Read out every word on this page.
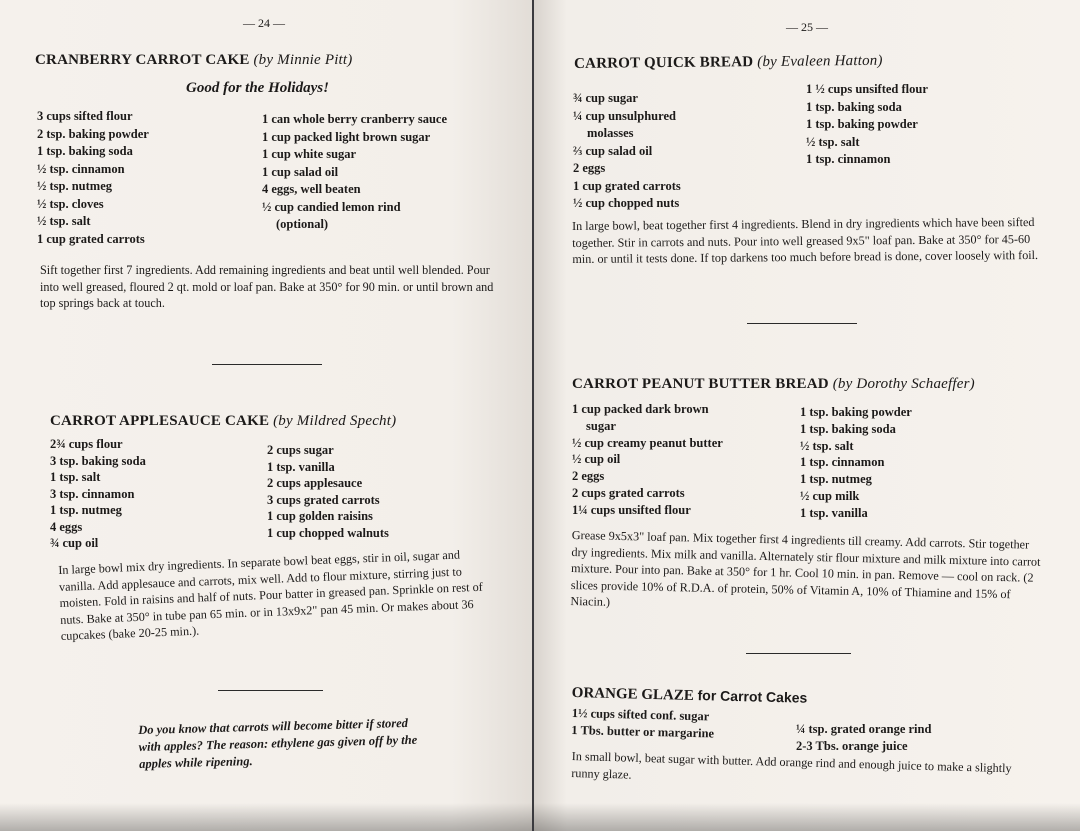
— 24 —
CRANBERRY CARROT CAKE (by Minnie Pitt)
Good for the Holidays!
3 cups sifted flour
2 tsp. baking powder
1 tsp. baking soda
½ tsp. cinnamon
½ tsp. nutmeg
½ tsp. cloves
½ tsp. salt
1 cup grated carrots
1 can whole berry cranberry sauce
1 cup packed light brown sugar
1 cup white sugar
1 cup salad oil
4 eggs, well beaten
½ cup candied lemon rind
(optional)
Sift together first 7 ingredients. Add remaining ingredients and beat until well blended. Pour into well greased, floured 2 qt. mold or loaf pan. Bake at 350° for 90 min. or until brown and top springs back at touch.
CARROT APPLESAUCE CAKE (by Mildred Specht)
2¾ cups flour
3 tsp. baking soda
1 tsp. salt
3 tsp. cinnamon
1 tsp. nutmeg
4 eggs
¾ cup oil
2 cups sugar
1 tsp. vanilla
2 cups applesauce
3 cups grated carrots
1 cup golden raisins
1 cup chopped walnuts
In large bowl mix dry ingredients. In separate bowl beat eggs, stir in oil, sugar and vanilla. Add applesauce and carrots, mix well. Add to flour mixture, stirring just to moisten. Fold in raisins and half of nuts. Pour batter in greased pan. Sprinkle on rest of nuts. Bake at 350° in tube pan 65 min. or in 13x9x2" pan 45 min. Or makes about 36 cupcakes (bake 20-25 min.).
Do you know that carrots will become bitter if stored with apples? The reason: ethylene gas given off by the apples while ripening.
— 25 —
CARROT QUICK BREAD (by Evaleen Hatton)
¾ cup sugar
¼ cup unsulphured
molasses
⅔ cup salad oil
2 eggs
1 cup grated carrots
½ cup chopped nuts
1 ½ cups unsifted flour
1 tsp. baking soda
1 tsp. baking powder
½ tsp. salt
1 tsp. cinnamon
In large bowl, beat together first 4 ingredients. Blend in dry ingredients which have been sifted together. Stir in carrots and nuts. Pour into well greased 9x5" loaf pan. Bake at 350° for 45-60 min. or until it tests done. If top darkens too much before bread is done, cover loosely with foil.
CARROT PEANUT BUTTER BREAD (by Dorothy Schaeffer)
1 cup packed dark brown
sugar
½ cup creamy peanut butter
½ cup oil
2 eggs
2 cups grated carrots
1¼ cups unsifted flour
1 tsp. baking powder
1 tsp. baking soda
½ tsp. salt
1 tsp. cinnamon
1 tsp. nutmeg
½ cup milk
1 tsp. vanilla
Grease 9x5x3" loaf pan. Mix together first 4 ingredients till creamy. Add carrots. Stir together dry ingredients. Mix milk and vanilla. Alternately stir flour mixture and milk mixture into carrot mixture. Pour into pan. Bake at 350° for 1 hr. Cool 10 min. in pan. Remove — cool on rack. (2 slices provide 10% of R.D.A. of protein, 50% of Vitamin A, 10% of Thiamine and 15% of Niacin.)
ORANGE GLAZE for Carrot Cakes
1½ cups sifted conf. sugar
1 Tbs. butter or margarine	¼ tsp. grated orange rind
2-3 Tbs. orange juice
In small bowl, beat sugar with butter. Add orange rind and enough juice to make a slightly runny glaze.
